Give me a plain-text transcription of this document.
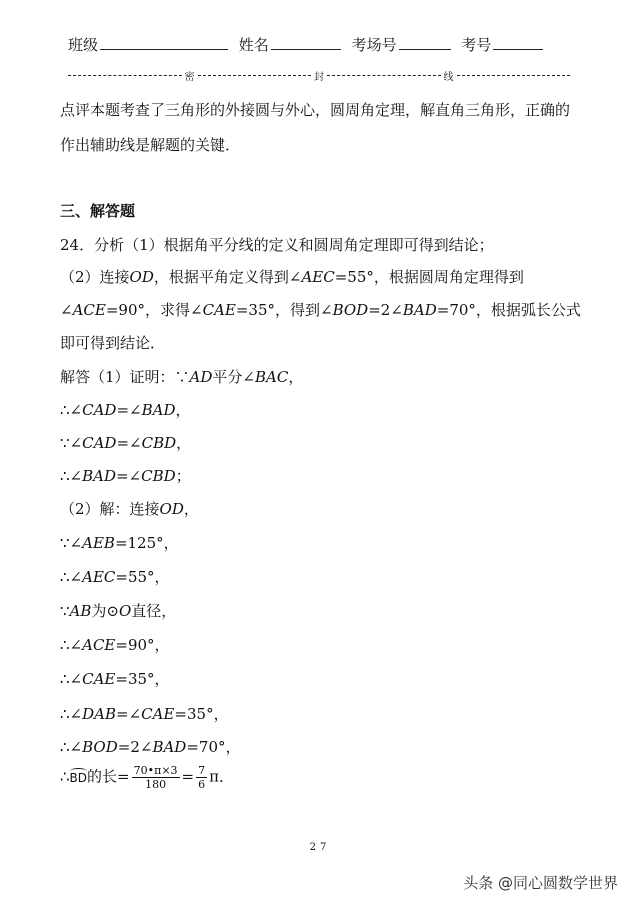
班级	姓名	考场号	考号
密	封	线
点评本题考查了三角形的外接圆与外心，圆周角定理，解直角三角形，正确的
作出辅助线是解题的关键．
三、解答题
24．分析（1）根据角平分线的定义和圆周角定理即可得到结论；
（2）连接OD，根据平角定义得到∠AEC=55°，根据圆周角定理得到
∠ACE=90°，求得∠CAE=35°，得到∠BOD=2∠BAD=70°，根据弧长公式
即可得到结论．
解答（1）证明：∵AD平分∠BAC，
∴∠CAD=∠BAD，
∵∠CAD=∠CBD，
∴∠BAD=∠CBD；
（2）解：连接OD，
∵∠AEB=125°，
∴∠AEC=55°，
∵AB为⊙O直径，
∴∠ACE=90°，
∴∠CAE=35°，
∴∠DAB=∠CAE=35°，
∴∠BOD=2∠BAD=70°，
∴BD的长= $\frac{70•\pi\times 3}{180} = \frac{7}{6}$ π．
27
头条 @同心圆数学世界
